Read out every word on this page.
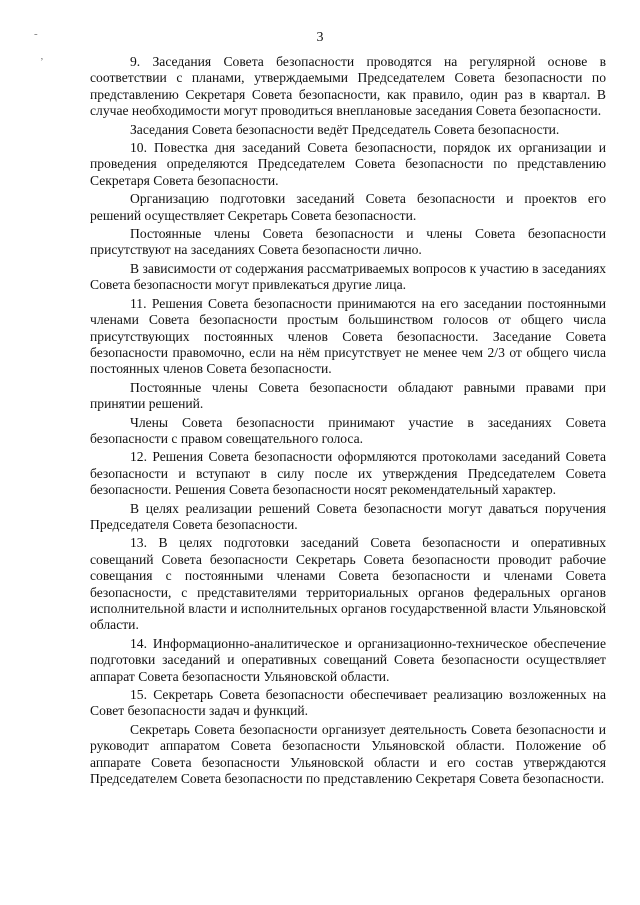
3
-
’	9. Заседания Совета безопасности проводятся на регулярной основе в соответствии с планами, утверждаемыми Председателем Совета безопасности по представлению Секретаря Совета безопасности, как правило, один раз в квартал. В случае необходимости могут проводиться внеплановые заседания Совета безопасности.

Заседания Совета безопасности ведёт Председатель Совета безопасности.

10. Повестка дня заседаний Совета безопасности, порядок их организации и проведения определяются Председателем Совета безопасности по представлению Секретаря Совета безопасности.

Организацию подготовки заседаний Совета безопасности и проектов его решений осуществляет Секретарь Совета безопасности.

Постоянные члены Совета безопасности и члены Совета безопасности присутствуют на заседаниях Совета безопасности лично.

В зависимости от содержания рассматриваемых вопросов к участию в заседаниях Совета безопасности могут привлекаться другие лица.

11. Решения Совета безопасности принимаются на его заседании постоянными членами Совета безопасности простым большинством голосов от общего числа присутствующих постоянных членов Совета безопасности. Заседание Совета безопасности правомочно, если на нём присутствует не менее чем 2/3 от общего числа постоянных членов Совета безопасности.

Постоянные члены Совета безопасности обладают равными правами при принятии решений.

Члены Совета безопасности принимают участие в заседаниях Совета безопасности с правом совещательного голоса.

12. Решения Совета безопасности оформляются протоколами заседаний Совета безопасности и вступают в силу после их утверждения Председателем Совета безопасности. Решения Совета безопасности носят рекомендательный характер.

В целях реализации решений Совета безопасности могут даваться поручения Председателя Совета безопасности.

13. В целях подготовки заседаний Совета безопасности и оперативных совещаний Совета безопасности Секретарь Совета безопасности проводит рабочие совещания с постоянными членами Совета безопасности и членами Совета безопасности, с представителями территориальных органов федеральных органов исполнительной власти и исполнительных органов государственной власти Ульяновской области.

14. Информационно-аналитическое и организационно-техническое обеспечение подготовки заседаний и оперативных совещаний Совета безопасности осуществляет аппарат Совета безопасности Ульяновской области.

15. Секретарь Совета безопасности обеспечивает реализацию возложенных на Совет безопасности задач и функций.

Секретарь Совета безопасности организует деятельность Совета безопасности и руководит аппаратом Совета безопасности Ульяновской области. Положение об аппарате Совета безопасности Ульяновской области и его состав утверждаются Председателем Совета безопасности по представлению Секретаря Совета безопасности.
